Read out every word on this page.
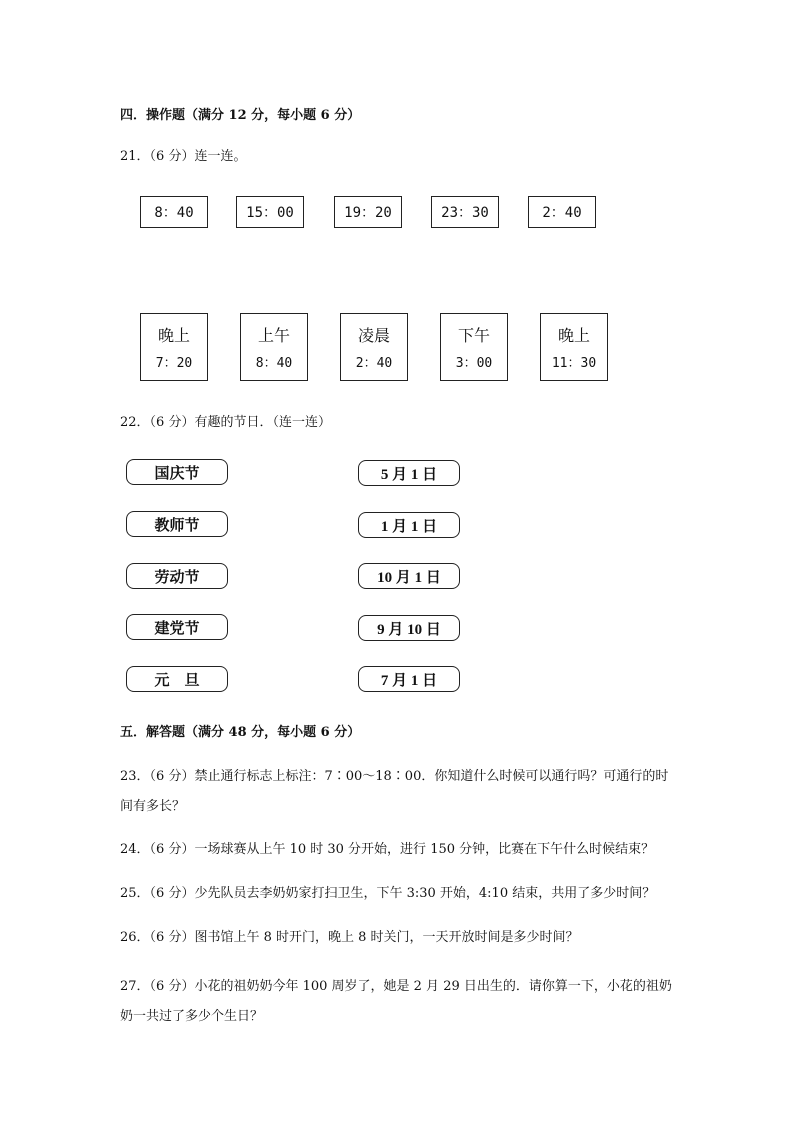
四．操作题（满分 12 分，每小题 6 分）
21．（6 分）连一连。
8：40	15：00	19：20	23：30	2：40
晚上
7：20
上午
8：40
凌晨
2：40
下午
3：00
晚上
11：30
22．（6 分）有趣的节日．（连一连）
国庆节
教师节
劳动节
建党节
元　旦
5 月 1 日
1 月 1 日
10 月 1 日
9 月 10 日
7 月 1 日
五．解答题（满分 48 分，每小题 6 分）
23．（6 分）禁止通行标志上标注：7∶00～18∶00．你知道什么时候可以通行吗？可通行的时间有多长？
24．（6 分）一场球赛从上午 10 时 30 分开始，进行 150 分钟，比赛在下午什么时候结束？
25．（6 分）少先队员去李奶奶家打扫卫生，下午 3:30 开始，4:10 结束，共用了多少时间？
26．（6 分）图书馆上午 8 时开门，晚上 8 时关门，一天开放时间是多少时间？
27．（6 分）小花的祖奶奶今年 100 周岁了，她是 2 月 29 日出生的．请你算一下，小花的祖奶奶一共过了多少个生日？
